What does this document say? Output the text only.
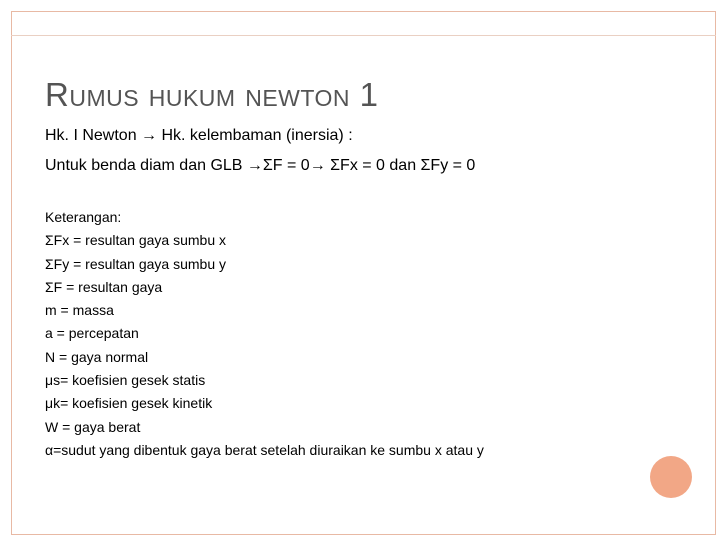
Rumus hukum newton 1

Hk. I Newton → Hk. kelembaman (inersia) :

Untuk benda diam dan GLB →ΣF = 0→ ΣFx = 0 dan ΣFy = 0

Keterangan:
ΣFx = resultan gaya sumbu x
ΣFy = resultan gaya sumbu y
ΣF = resultan gaya
m = massa
a = percepatan
N = gaya normal
μs= koefisien gesek statis
μk= koefisien gesek kinetik
W = gaya berat
α=sudut yang dibentuk gaya berat setelah diuraikan ke sumbu x atau y
